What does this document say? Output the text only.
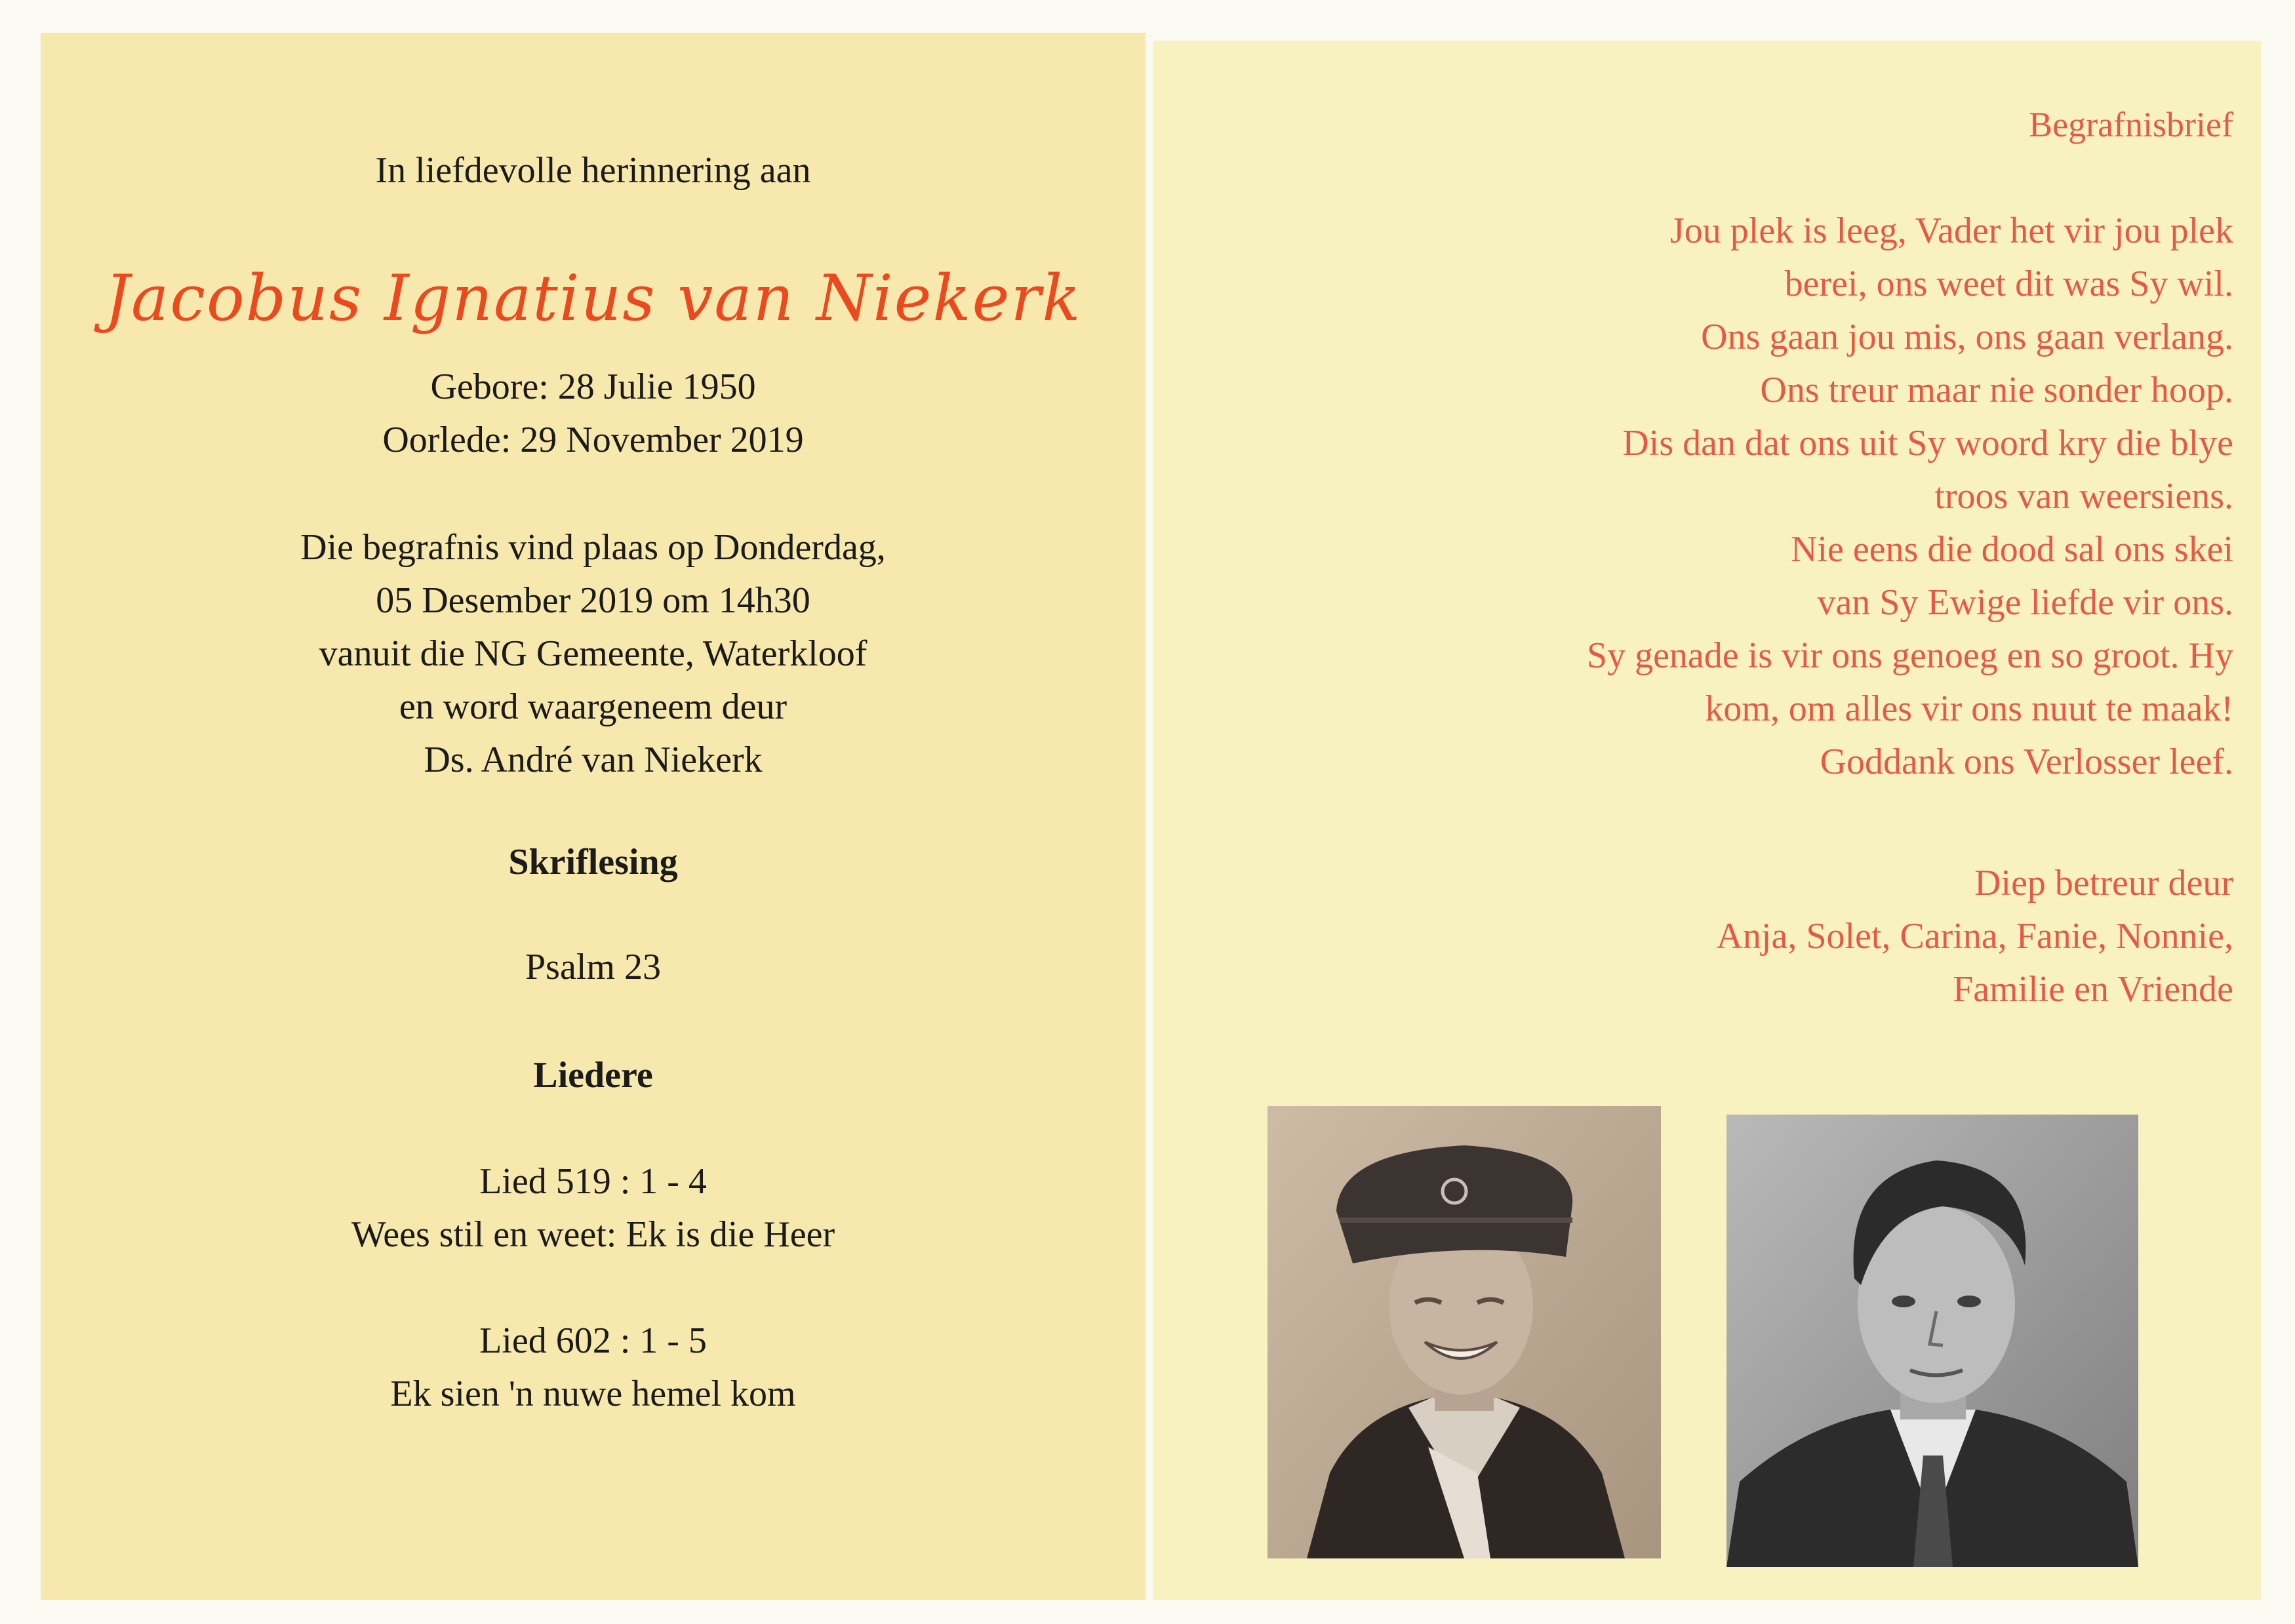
In liefdevolle herinnering aan
Jacobus Ignatius van Niekerk
Gebore: 28 Julie 1950
Oorlede: 29 November 2019
Die begrafnis vind plaas op Donderdag,
05 Desember 2019 om 14h30
vanuit die NG Gemeente, Waterkloof
en word waargeneem deur
Ds. André van Niekerk
Skriflesing
Psalm 23
Liedere
Lied 519 : 1 - 4
Wees stil en weet: Ek is die Heer
Lied 602 : 1 - 5
Ek sien 'n nuwe hemel kom
Begrafnisbrief
Jou plek is leeg, Vader het vir jou plek
berei, ons weet dit was Sy wil.
Ons gaan jou mis, ons gaan verlang.
Ons treur maar nie sonder hoop.
Dis dan dat ons uit Sy woord kry die blye
troos van weersiens.
Nie eens die dood sal ons skei
van Sy Ewige liefde vir ons.
Sy genade is vir ons genoeg en so groot. Hy
kom, om alles vir ons nuut te maak!
Goddank ons Verlosser leef.
Diep betreur deur
Anja, Solet, Carina, Fanie, Nonnie,
Familie en Vriende
